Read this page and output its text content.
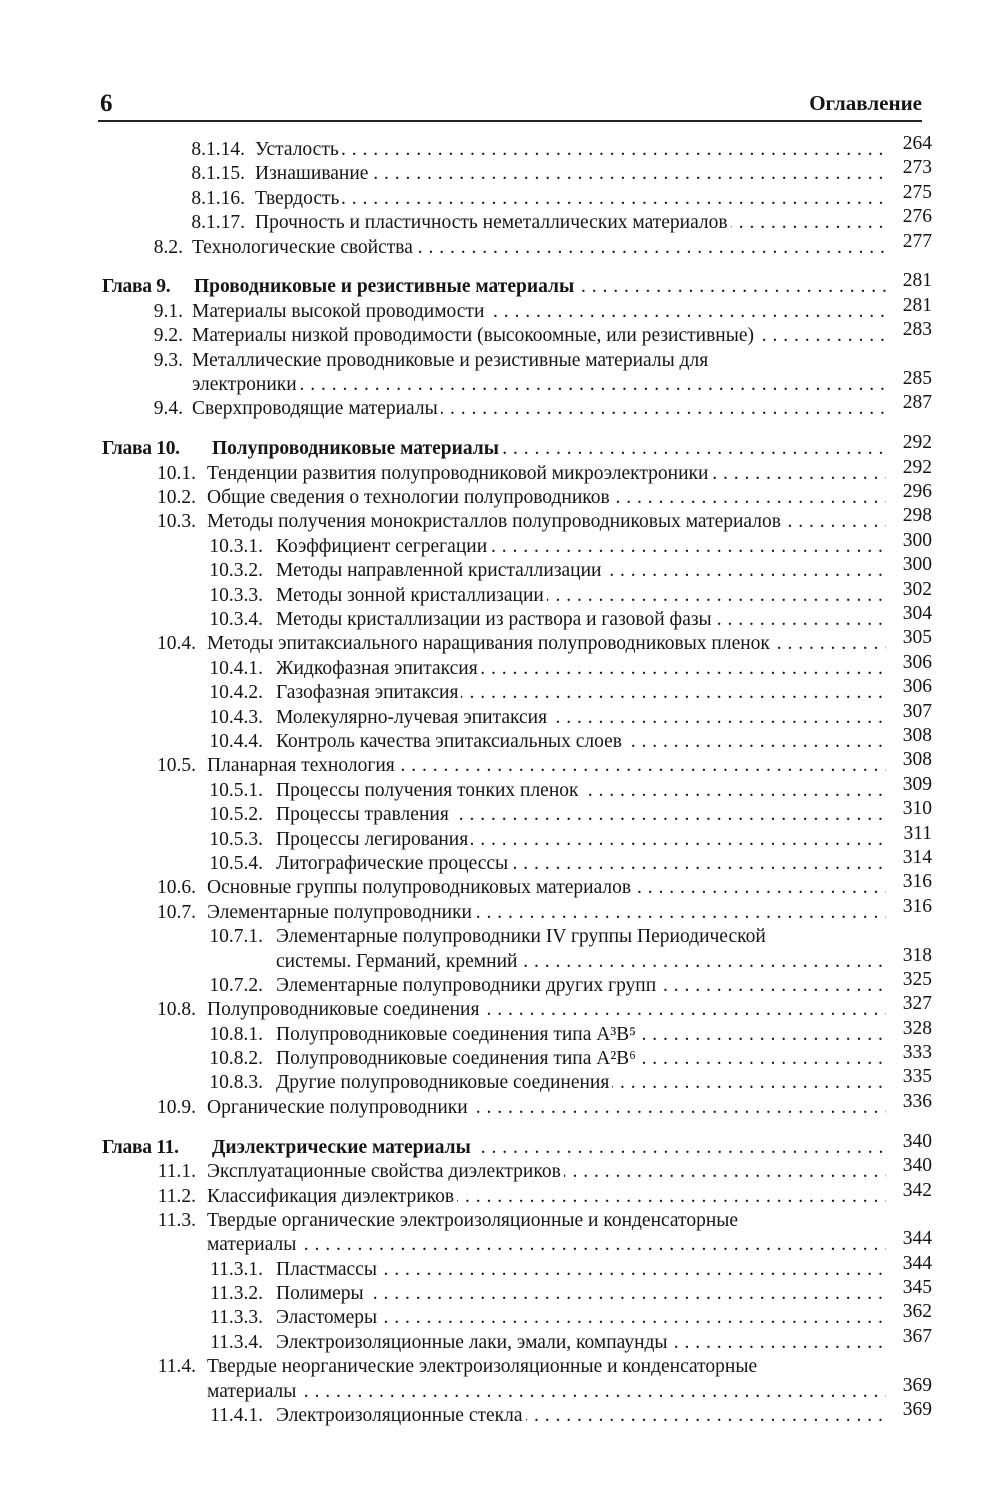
6	Оглавление
8.1.14. Усталость . . .	264
8.1.15. Изнашивание . . .	273
8.1.16. Твердость . . .	275
8.1.17. Прочность и пластичность неметаллических материалов . . .	276
8.2. Технологические свойства . . .	277
Глава 9. Проводниковые и резистивные материалы . . .	281
9.1. Материалы высокой проводимости . . .	281
9.2. Материалы низкой проводимости (высокоомные, или резистивные) . . .	283
9.3. Металлические проводниковые и резистивные материалы для
электроники . . .	285
9.4. Сверхпроводящие материалы . . .	287
Глава 10. Полупроводниковые материалы . . .	292
10.1. Тенденции развития полупроводниковой микроэлектроники . . .	292
10.2. Общие сведения о технологии полупроводников . . .	296
10.3. Методы получения монокристаллов полупроводниковых материалов . . .	298
10.3.1. Коэффициент сегрегации . . .	300
10.3.2. Методы направленной кристаллизации . . .	300
10.3.3. Методы зонной кристаллизации . . .	302
10.3.4. Методы кристаллизации из раствора и газовой фазы . . .	304
10.4. Методы эпитаксиального наращивания полупроводниковых пленок . . .	305
10.4.1. Жидкофазная эпитаксия . . .	306
10.4.2. Газофазная эпитаксия . . .	306
10.4.3. Молекулярно-лучевая эпитаксия . . .	307
10.4.4. Контроль качества эпитаксиальных слоев . . .	308
10.5. Планарная технология . . .	308
10.5.1. Процессы получения тонких пленок . . .	309
10.5.2. Процессы травления . . .	310
10.5.3. Процессы легирования . . .	311
10.5.4. Литографические процессы . . .	314
10.6. Основные группы полупроводниковых материалов . . .	316
10.7. Элементарные полупроводники . . .	316
10.7.1. Элементарные полупроводники IV группы Периодической
системы. Германий, кремний . . .	318
10.7.2. Элементарные полупроводники других групп . . .	325
10.8. Полупроводниковые соединения . . .	327
10.8.1. Полупроводниковые соединения типа A³B⁵ . . .	328
10.8.2. Полупроводниковые соединения типа A²B⁶ . . .	333
10.8.3. Другие полупроводниковые соединения . . .	335
10.9. Органические полупроводники . . .	336
Глава 11. Диэлектрические материалы . . .	340
11.1. Эксплуатационные свойства диэлектриков . . .	340
11.2. Классификация диэлектриков . . .	342
11.3. Твердые органические электроизоляционные и конденсаторные
материалы . . .	344
11.3.1. Пластмассы . . .	344
11.3.2. Полимеры . . .	345
11.3.3. Эластомеры . . .	362
11.3.4. Электроизоляционные лаки, эмали, компаунды . . .	367
11.4. Твердые неорганические электроизоляционные и конденсаторные
материалы . . .	369
11.4.1. Электроизоляционные стекла . . .	369
